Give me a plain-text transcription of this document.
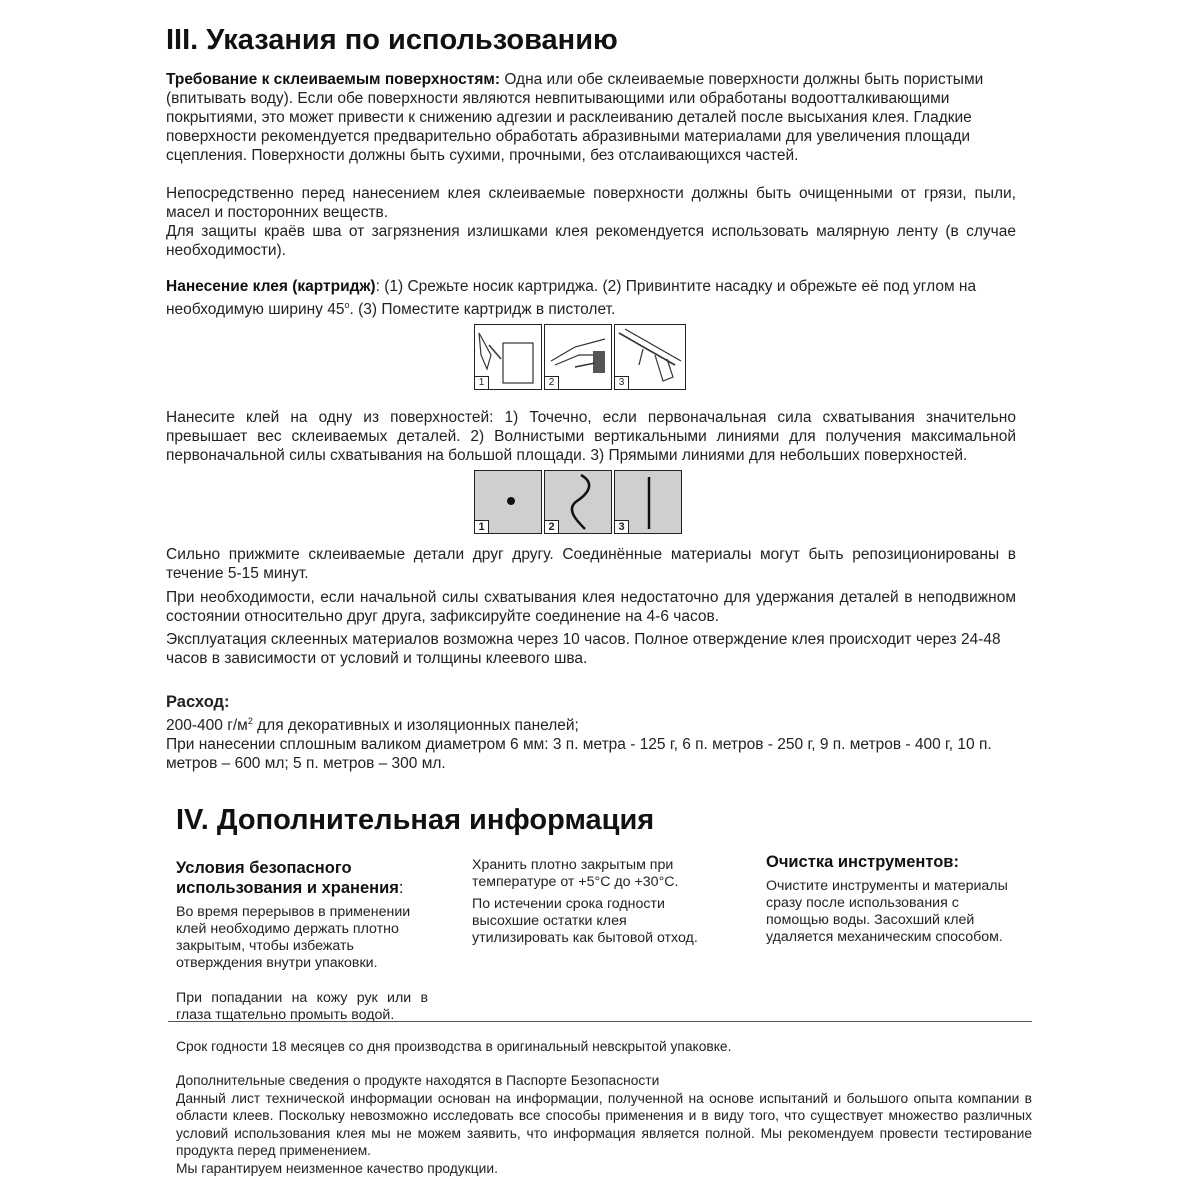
III. Указания по использованию

Требование к склеиваемым поверхностям: Одна или обе склеиваемые поверхности должны быть пористыми (впитывать воду). Если обе поверхности являются невпитывающими или обработаны водоотталкивающими покрытиями, это может привести к снижению адгезии и расклеиванию деталей после высыхания клея. Гладкие поверхности рекомендуется предварительно обработать абразивными материалами для увеличения площади сцепления. Поверхности должны быть сухими, прочными, без отслаивающихся частей.

Непосредственно перед нанесением клея склеиваемые поверхности должны быть очищенными от грязи, пыли, масел и посторонних веществ.

Для защиты краёв шва от загрязнения излишками клея рекомендуется использовать малярную ленту (в случае необходимости).

Нанесение клея (картридж): (1) Срежьте носик картриджа. (2) Привинтите насадку и обрежьте её под углом на необходимую ширину $45^о$. (3) Поместите картридж в пистолет.

1	2	3

Нанесите клей на одну из поверхностей: 1) Точечно, если первоначальная сила схватывания значительно превышает вес склеиваемых деталей. 2) Волнистыми вертикальными линиями для получения максимальной первоначальной силы схватывания на большой площади. 3) Прямыми линиями для небольших поверхностей.

1	2	3

Сильно прижмите склеиваемые детали друг другу. Соединённые материалы могут быть репозиционированы в течение 5-15 минут.

При необходимости, если начальной силы схватывания клея недостаточно для удержания деталей в неподвижном состоянии относительно друг друга, зафиксируйте соединение на 4-6 часов.

Эксплуатация склеенных материалов возможна через 10 часов. Полное отверждение клея происходит через 24-48 часов в зависимости от условий и толщины клеевого шва.

Расход:

200-400 $г/м^2$ для декоративных и изоляционных панелей;

При нанесении сплошным валиком диаметром 6 мм: 3 п. метра - 125 г, 6 п. метров - 250 г, 9 п. метров - 400 г, 10 п. метров – 600 мл; 5 п. метров – 300 мл.

IV. Дополнительная информация

Условия безопасного использования и хранения:

Во время перерывов в применении клей необходимо держать плотно закрытым, чтобы избежать отверждения внутри упаковки.

При попадании на кожу рук или в глаза тщательно промыть водой.

Хранить плотно закрытым при температуре от +5°С до +30°С.

По истечении срока годности высохшие остатки клея утилизировать как бытовой отход.

Очистка инструментов:

Очистите инструменты и материалы сразу после использования с помощью воды. Засохший клей удаляется механическим способом.

Срок годности 18 месяцев со дня производства в оригинальный невскрытой упаковке.

Дополнительные сведения о продукте находятся в Паспорте Безопасности

Данный лист технической информации основан на информации, полученной на основе испытаний и большого опыта компании в области клеев. Поскольку невозможно исследовать все способы применения и в виду того, что существует множество различных условий использования клея мы не можем заявить, что информация является полной. Мы рекомендуем провести тестирование продукта перед применением.

Мы гарантируем неизменное качество продукции.
